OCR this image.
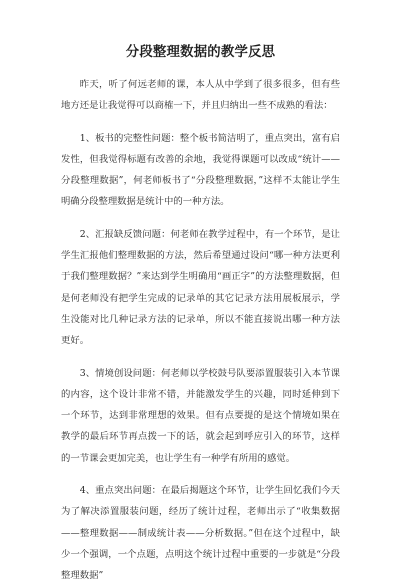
分段整理数据的教学反思

昨天，听了何远老师的课，本人从中学到了很多很多，但有些地方还是让我觉得可以商榷一下，并且归纳出一些不成熟的看法：

1、板书的完整性问题：整个板书简洁明了，重点突出，富有启发性，但我觉得标题有改善的余地，我觉得课题可以改成“统计——分段整理数据”，何老师板书了“分段整理数据，”这样不太能让学生明确分段整理数据是统计中的一种方法。

2、汇报缺反馈问题：何老师在教学过程中，有一个环节，是让学生汇报他们整理数据的方法，然后希望通过设问“哪一种方法更利于我们整理数据？”来达到学生明确用“画正字”的方法整理数据，但是何老师没有把学生完成的记录单的其它记录方法用展板展示，学生没能对比几种记录方法的记录单，所以不能直接说出哪一种方法更好。

3、情境创设问题：何老师以学校鼓号队要添置服装引入本节课的内容，这个设计非常不错，并能激发学生的兴趣，同时延伸到下一个环节，达到非常理想的效果。但有点要提的是这个情境如果在教学的最后环节再点拨一下的话，就会起到呼应引入的环节，这样的一节课会更加完美，也让学生有一种学有所用的感觉。

4、重点突出问题：在最后揭题这个环节，让学生回忆我们今天为了解决添置服装问题，经历了统计过程，老师出示了“收集数据——整理数据——制成统计表——分析数据。”但在这个过程中，缺少一个强调，一个点题，点明这个统计过程中重要的一步就是“分段整理数据”
